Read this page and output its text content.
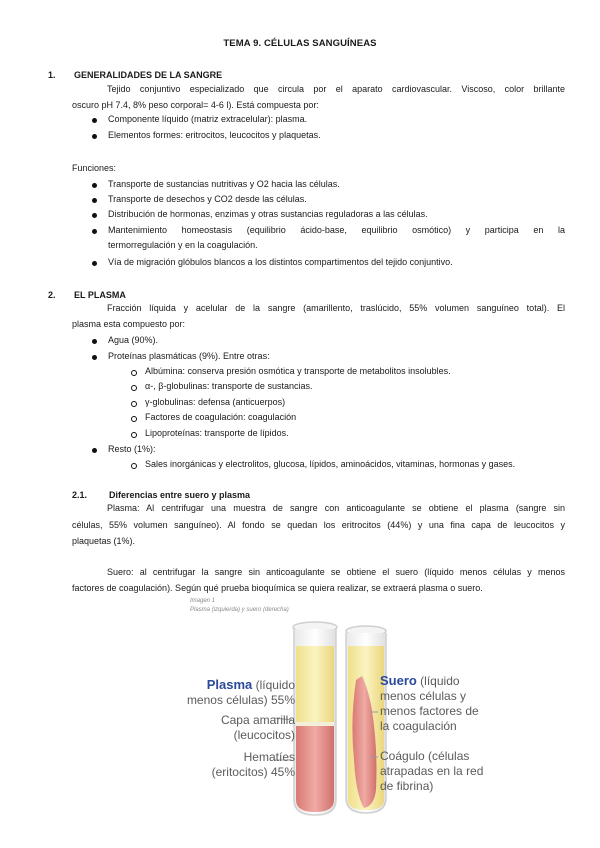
TEMA 9. CÉLULAS SANGUÍNEAS
1. GENERALIDADES DE LA SANGRE
Tejido conjuntivo especializado que circula por el aparato cardiovascular. Viscoso, color brillante
oscuro pH 7.4, 8% peso corporal= 4-6 l). Está compuesta por:
Componente líquido (matriz extracelular): plasma.
Elementos formes: eritrocitos, leucocitos y plaquetas.
Funciones:
Transporte de sustancias nutritivas y O2 hacia las células.
Transporte de desechos y CO2 desde las células.
Distribución de hormonas, enzimas y otras sustancias reguladoras a las células.
Mantenimiento homeostasis (equilibrio ácido-base, equilibrio osmótico) y participa en la
termorregulación y en la coagulación.
Vía de migración glóbulos blancos a los distintos compartimentos del tejido conjuntivo.
2. EL PLASMA
Fracción líquida y acelular de la sangre (amarillento, traslúcido, 55% volumen sanguíneo total). El
plasma esta compuesto por:
Agua (90%).
Proteínas plasmáticas (9%). Entre otras:
Albúmina: conserva presión osmótica y transporte de metabolitos insolubles.
α-, β-globulinas: transporte de sustancias.
γ-globulinas: defensa (anticuerpos)
Factores de coagulación: coagulación
Lipoproteínas: transporte de lípidos.
Resto (1%):
Sales inorgánicas y electrolitos, glucosa, lípidos, aminoácidos, vitaminas, hormonas y gases.
2.1. Diferencias entre suero y plasma
Plasma: Al centrifugar una muestra de sangre con anticoagulante se obtiene el plasma (sangre sin
células, 55% volumen sanguíneo). Al fondo se quedan los eritrocitos (44%) y una fina capa de leucocitos y
plaquetas (1%).
Suero: al centrifugar la sangre sin anticoagulante se obtiene el suero (líquido menos células y menos
factores de coagulación). Según qué prueba bioquímica se quiera realizar, se extraerá plasma o suero.
Imagen 1
Plasma (izquierda) y suero (derecha)
Plasma (líquido
menos células) 55%
Capa amarilla
(leucocitos)
Hematíes
(eritocitos) 45%
Suero (líquido
menos células y
menos factores de
la coagulación
Coágulo (células
atrapadas en la red
de fibrina)
